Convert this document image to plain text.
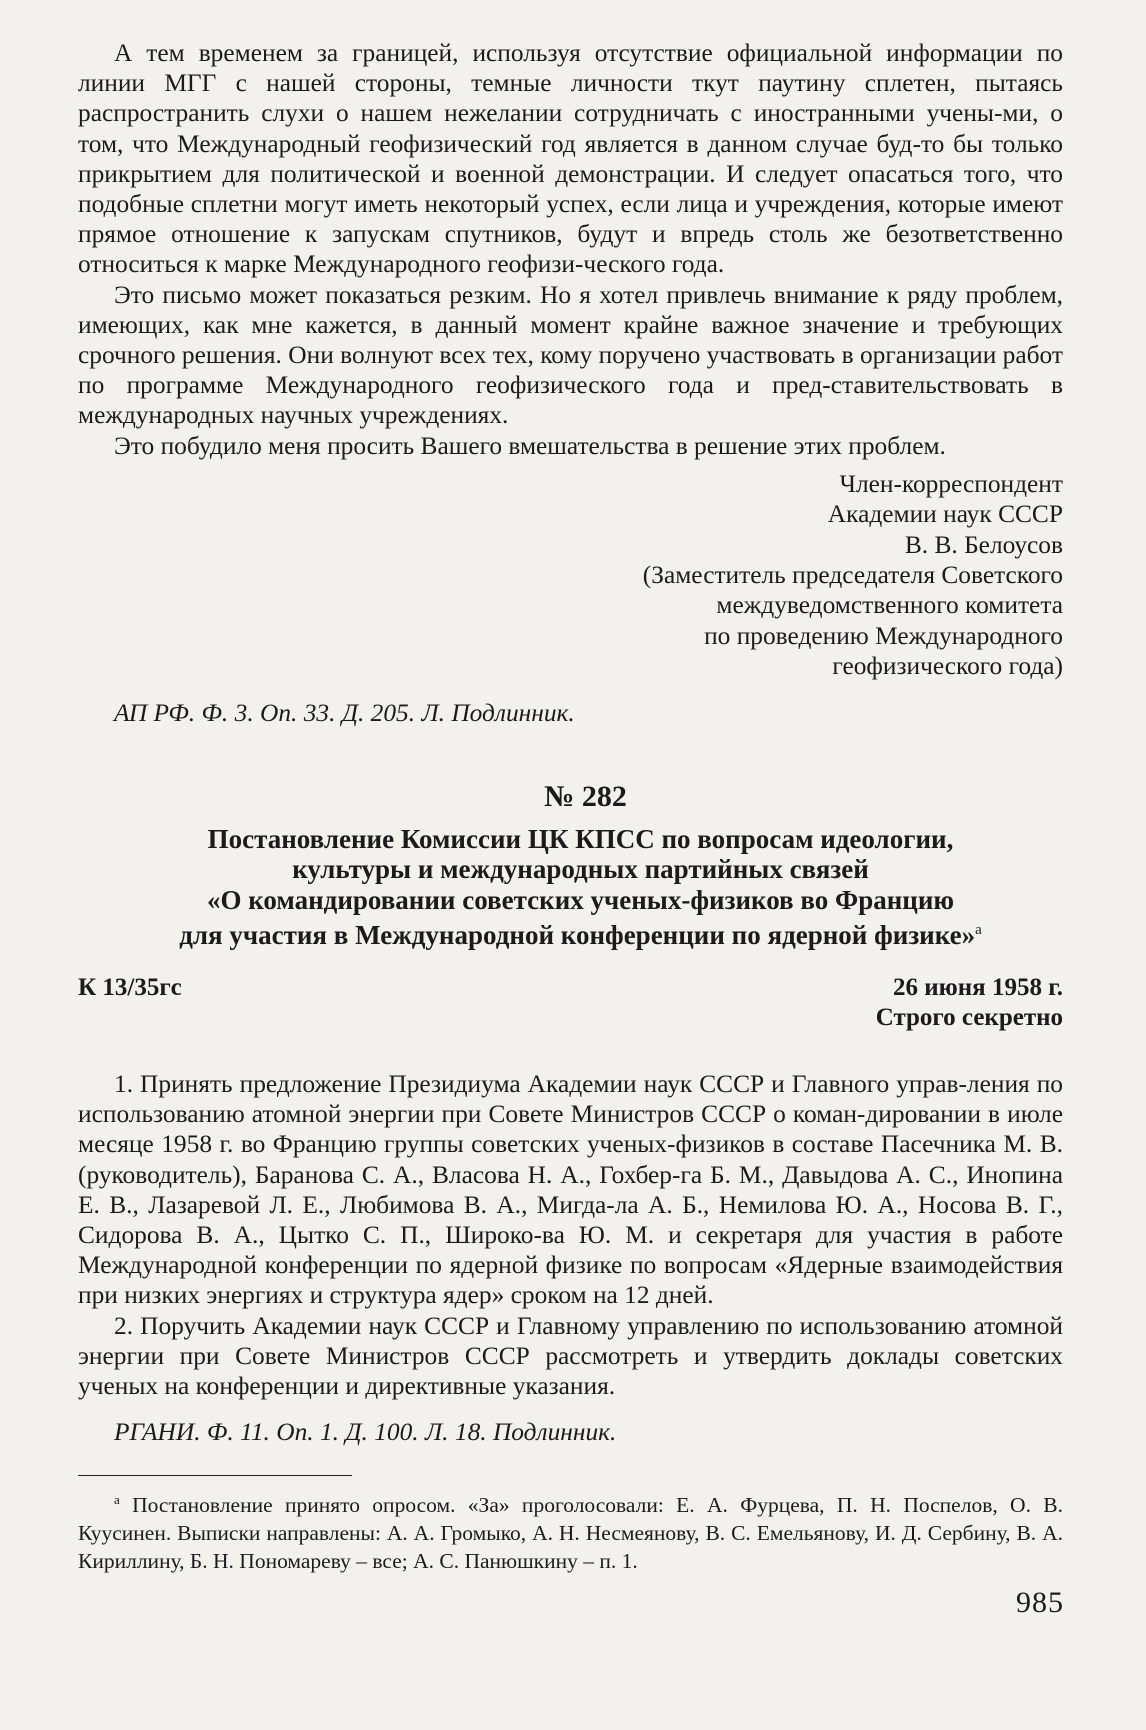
А тем временем за границей, используя отсутствие официальной информации по линии МГГ с нашей стороны, темные личности ткут паутину сплетен, пытаясь распространить слухи о нашем нежелании сотрудничать с иностранными учены-ми, о том, что Международный геофизический год является в данном случае буд-то бы только прикрытием для политической и военной демонстрации. И следует опасаться того, что подобные сплетни могут иметь некоторый успех, если лица и учреждения, которые имеют прямое отношение к запускам спутников, будут и впредь столь же безответственно относиться к марке Международного геофизи-ческого года.

Это письмо может показаться резким. Но я хотел привлечь внимание к ряду проблем, имеющих, как мне кажется, в данный момент крайне важное значение и требующих срочного решения. Они волнуют всех тех, кому поручено участвовать в организации работ по программе Международного геофизического года и пред-ставительствовать в международных научных учреждениях.

Это побудило меня просить Вашего вмешательства в решение этих проблем.

Член-корреспондент
Академии наук СССР
В. В. Белоусов
(Заместитель председателя Советского
междуведомственного комитета
по проведению Международного
геофизического года)

АП РФ. Ф. 3. Оп. 33. Д. 205. Л. Подлинник.

№ 282
Постановление Комиссии ЦК КПСС по вопросам идеологии,
культуры и международных партийных связей
«О командировании советских ученых-физиков во Францию
для участия в Международной конференции по ядерной физике»$^а$
К 13/35гс	26 июня 1958 г.
Строго секретно

1. Принять предложение Президиума Академии наук СССР и Главного управ-ления по использованию атомной энергии при Совете Министров СССР о коман-дировании в июле месяце 1958 г. во Францию группы советских ученых-физиков в составе Пасечника М. В. (руководитель), Баранова С. А., Власова Н. А., Гохбер-га Б. М., Давыдова А. С., Инопина Е. В., Лазаревой Л. Е., Любимова В. А., Мигда-ла А. Б., Немилова Ю. А., Носова В. Г., Сидорова В. А., Цытко С. П., Широко-ва Ю. М. и секретаря для участия в работе Международной конференции по ядерной физике по вопросам «Ядерные взаимодействия при низких энергиях и структура ядер» сроком на 12 дней.

2. Поручить Академии наук СССР и Главному управлению по использованию атомной энергии при Совете Министров СССР рассмотреть и утвердить доклады советских ученых на конференции и директивные указания.

РГАНИ. Ф. 11. Оп. 1. Д. 100. Л. 18. Подлинник.

$^а$ Постановление принято опросом. «За» проголосовали: Е. А. Фурцева, П. Н. Поспелов, О. В. Куусинен. Выписки направлены: А. А. Громыко, А. Н. Несмеянову, В. С. Емельянову, И. Д. Сербину, В. А. Кириллину, Б. Н. Пономареву – все; А. С. Панюшкину – п. 1.

985
